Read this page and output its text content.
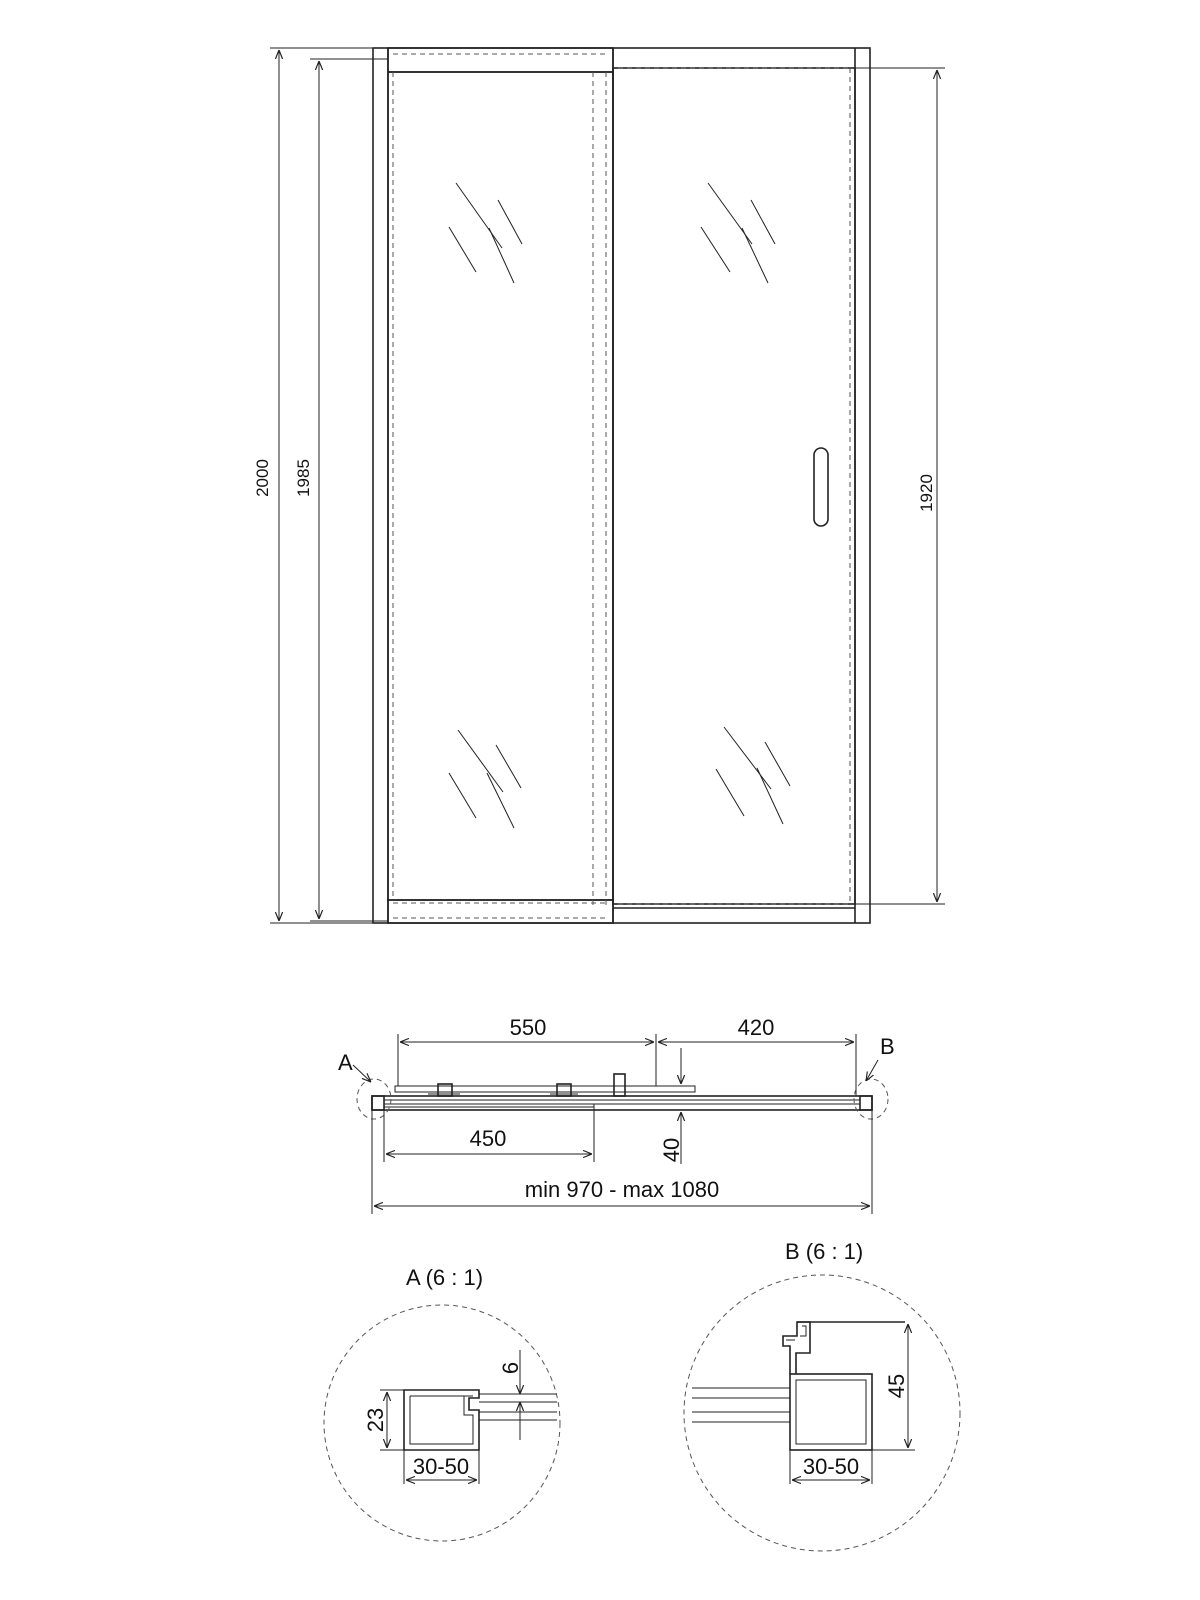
2000 1985	1920
A
B
550	420
40
450
min 970 - max 1080
A (6 : 1)
23
6
30-50
B (6 : 1)
45
30-50
